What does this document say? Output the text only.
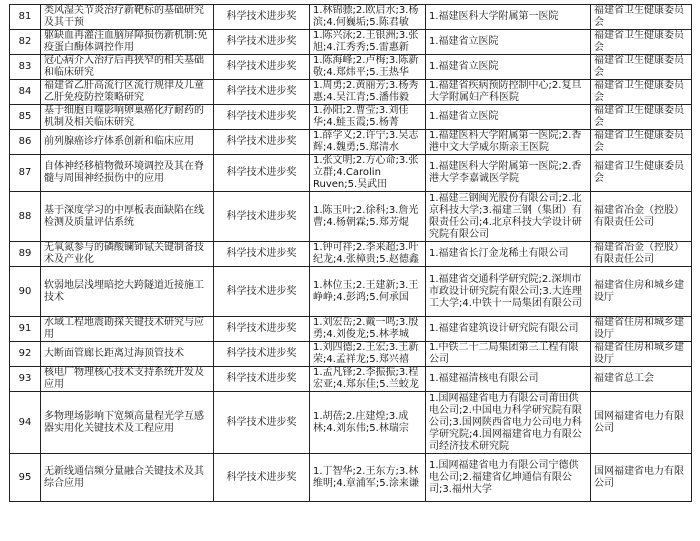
81	类风湿关节炎治疗新靶标的基础研究及其干预	科学技术进步奖	1.林锦骠;2.欧启水;3.杨滨;4.何巍垢;5.陈君敏	1.福建医科大学附属第一医院	福建省卫生健康委员会
82	躯缺血再灌注血脑屏障损伤新机制:免疫蛋白酶体调控作用	科学技术进步奖	1.陈兴泳;2.王银洲;3.张旭;4.江秀秀;5.雷惠新	1.福建省立医院	福建省卫生健康委员会
83	冠心病介入治疗后再狭窄的相关基础和临床研究	科学技术进步奖	1.陈海峰;2.卢梅;3.陈新敬;4.郑炜平;5.王热华	1.福建省立医院	福建省卫生健康委员会
84	福建省乙肝高流行区流行规律及儿童乙肝免疫防控策略研究	科学技术进步奖	1.周勇;2.黄丽芳;3.杨秀惠;4.吴江青;5.潘伟毅	1.福建省疾病预防控制中心;2.复旦大学附属妇产科医院	福建省卫生健康委员会
85	基于细胞自噬影响卵巢癌化疗耐药的机制及相关临床研究	科学技术进步奖	1.孙阳;2.曹莹;3.刘佳华;4.鮭玉霞;5.杨菁	1.福建省立医院	福建省卫生健康委员会
86	前列腺癌诊疗体系创新和临床应用	科学技术进步奖	1.薛学义;2.许宁;3.吴志辉;4.魏勇;5.郑清水	1.福建医科大学附属第一医院;2.香港中文大学威尔斯亲王医院	福建省卫生健康委员会
87	自体神经移植物微环境调控及其在脊髓与周围神经损伤中的应用	科学技术进步奖	1.张文明;2.方心命;3.张立群;4.Carolin Ruven;5.吴武田	1.福建医科大学附属第一医院;2.香港大学李嘉诚医学院	福建省卫生健康委员会
88	基于深度学习的中厚板表面缺陷在线检测及质量评估系统	科学技术进步奖	1.陈玉叶;2.徐科;3.詹光曹;4.杨朝霖;5.郑芳焜	1.福建三钢闽光股份有限公司;2.北京科技大学;3.福建三钢（集团）有限责任公司;4.北京科技大学设计研究院有限公司	福建省冶金（控股）有限责任公司
89	无氧氮参与的磷酸镧铈铽关键制备技术及产业化	科学技术进步奖	1.钟可祥;2.李来超;3.叶纪龙;4.张樟贵;5.赵德鑫	1.福建省长汀金龙稀土有限公司	福建省冶金（控股）有限责任公司
90	软弱地层浅埋暗挖大跨隧道近接施工技术	科学技术进步奖	1.林位玉;2.王建新;3.王峥峥;4.彭鸿;5.何承国	1.福建省交通科学研究院;2.深圳市市政设计研究院有限公司;3.大连理工大学;4.中铁十一局集团有限公司	福建省住房和城乡建设厅
91	水域工程地震勘探关键技术研究与应用	科学技术进步奖	1.刘宏岳;2.戴一鸣;3.殷勇;4.刘俊龙;5.林孝城	1.福建省建筑设计研究院有限公司	福建省住房和城乡建设厅
92	大断面管廊长距离过海顶管技术	科学技术进步奖	1.刘四德;2.王宏;3.王新荣;4.孟祥龙;5.郑兴禧	1.中铁二十二局集团第三工程有限公司	福建省住房和城乡建设厅
93	核电厂物理核心技术支持系统开发及应用	科学技术进步奖	1.孟凡锋;2.李振振;3.程宏亚;4.郑东佳;5.兰蛟龙	1.福建福清核电有限公司	福建省总工会
94	多物理场影响下宽频高量程光学互感器实用化关键技术及工程应用	科学技术进步奖	1.胡蓓;2.庄建煌;3.成林;4.刘东伟;5.林瑞宗	1.国网福建省电力有限公司莆田供电公司;2.中国电力科学研究院有限公司;3.国网陕西省电力公司电力科学研究院;4.国网福建省电力有限公司经济技术研究院	国网福建省电力有限公司
95	无新线通信频分量融合关键技术及其综合应用	科学技术进步奖	1.丁智华;2.王东方;3.林维明;4.章浦军;5.涂来谦	1.国网福建省电力有限公司宁德供电公司;2.福建省亿坤通信有限公司;3.福州大学	国网福建省电力有限公司
